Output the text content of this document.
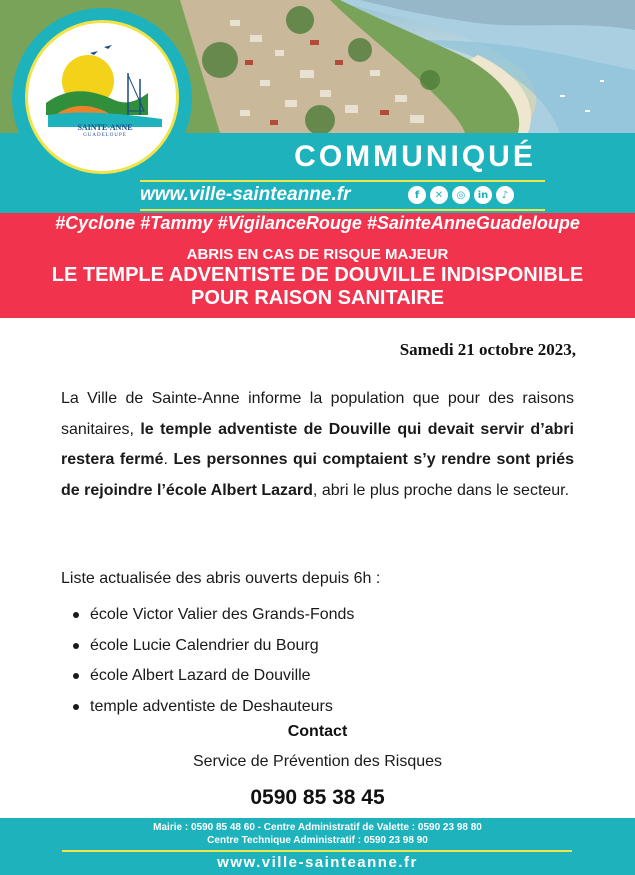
SAINTE-ANNE
GUADELOUPE
COMMUNIQUÉ
www.ville-sainteanne.fr	f	✕	◎	in	♪
#Cyclone #Tammy #VigilanceRouge #SainteAnneGuadeloupe
ABRIS EN CAS DE RISQUE MAJEUR
LE TEMPLE ADVENTISTE DE DOUVILLE INDISPONIBLE
POUR RAISON SANITAIRE
Samedi 21 octobre 2023,
La Ville de Sainte-Anne informe la population que pour des raisons sanitaires, le temple adventiste de Douville qui devait servir d’abri restera fermé. Les personnes qui comptaient s’y rendre sont priés de rejoindre l’école Albert Lazard, abri le plus proche dans le secteur.
Liste actualisée des abris ouverts depuis 6h :
école Victor Valier des Grands-Fonds
école Lucie Calendrier du Bourg
école Albert Lazard de Douville
temple adventiste de Deshauteurs
Contact
Service de Prévention des Risques
0590 85 38 45
Mairie : 0590 85 48 60 - Centre Administratif de Valette : 0590 23 98 80
Centre Technique Administratif : 0590 23 98 90
www.ville-sainteanne.fr
